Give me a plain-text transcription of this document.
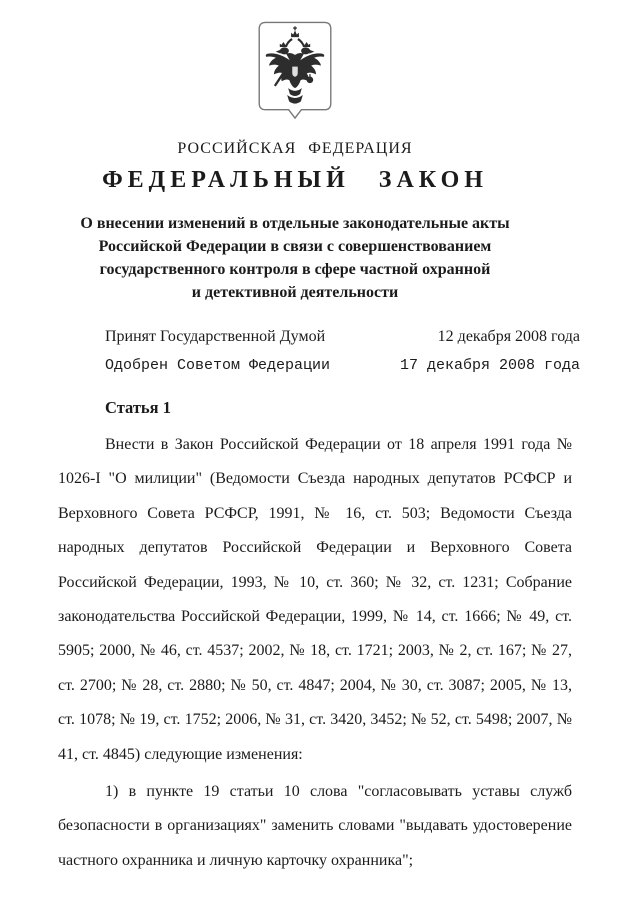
РОССИЙСКАЯ ФЕДЕРАЦИЯ
ФЕДЕРАЛЬНЫЙ ЗАКОН
О внесении изменений в отдельные законодательные акты
Российской Федерации в связи с совершенствованием
государственного контроля в сфере частной охранной
и детективной деятельности
Принят Государственной Думой	12 декабря 2008 года
Одобрен Советом Федерации	17 декабря 2008 года
Статья 1

Внести в Закон Российской Федерации от 18 апреля 1991 года № 1026-I "О милиции" (Ведомости Съезда народных депутатов РСФСР и Верховного Совета РСФСР, 1991, № 16, ст. 503; Ведомости Съезда народных депутатов Российской Федерации и Верховного Совета Российской Федерации, 1993, № 10, ст. 360; № 32, ст. 1231; Собрание законодательства Российской Федерации, 1999, № 14, ст. 1666; № 49, ст. 5905; 2000, № 46, ст. 4537; 2002, № 18, ст. 1721; 2003, № 2, ст. 167; № 27, ст. 2700; № 28, ст. 2880; № 50, ст. 4847; 2004, № 30, ст. 3087; 2005, № 13, ст. 1078; № 19, ст. 1752; 2006, № 31, ст. 3420, 3452; № 52, ст. 5498; 2007, № 41, ст. 4845) следующие изменения:

1) в пункте 19 статьи 10 слова "согласовывать уставы служб безопасности в организациях" заменить словами "выдавать удостоверение частного охранника и личную карточку охранника";
